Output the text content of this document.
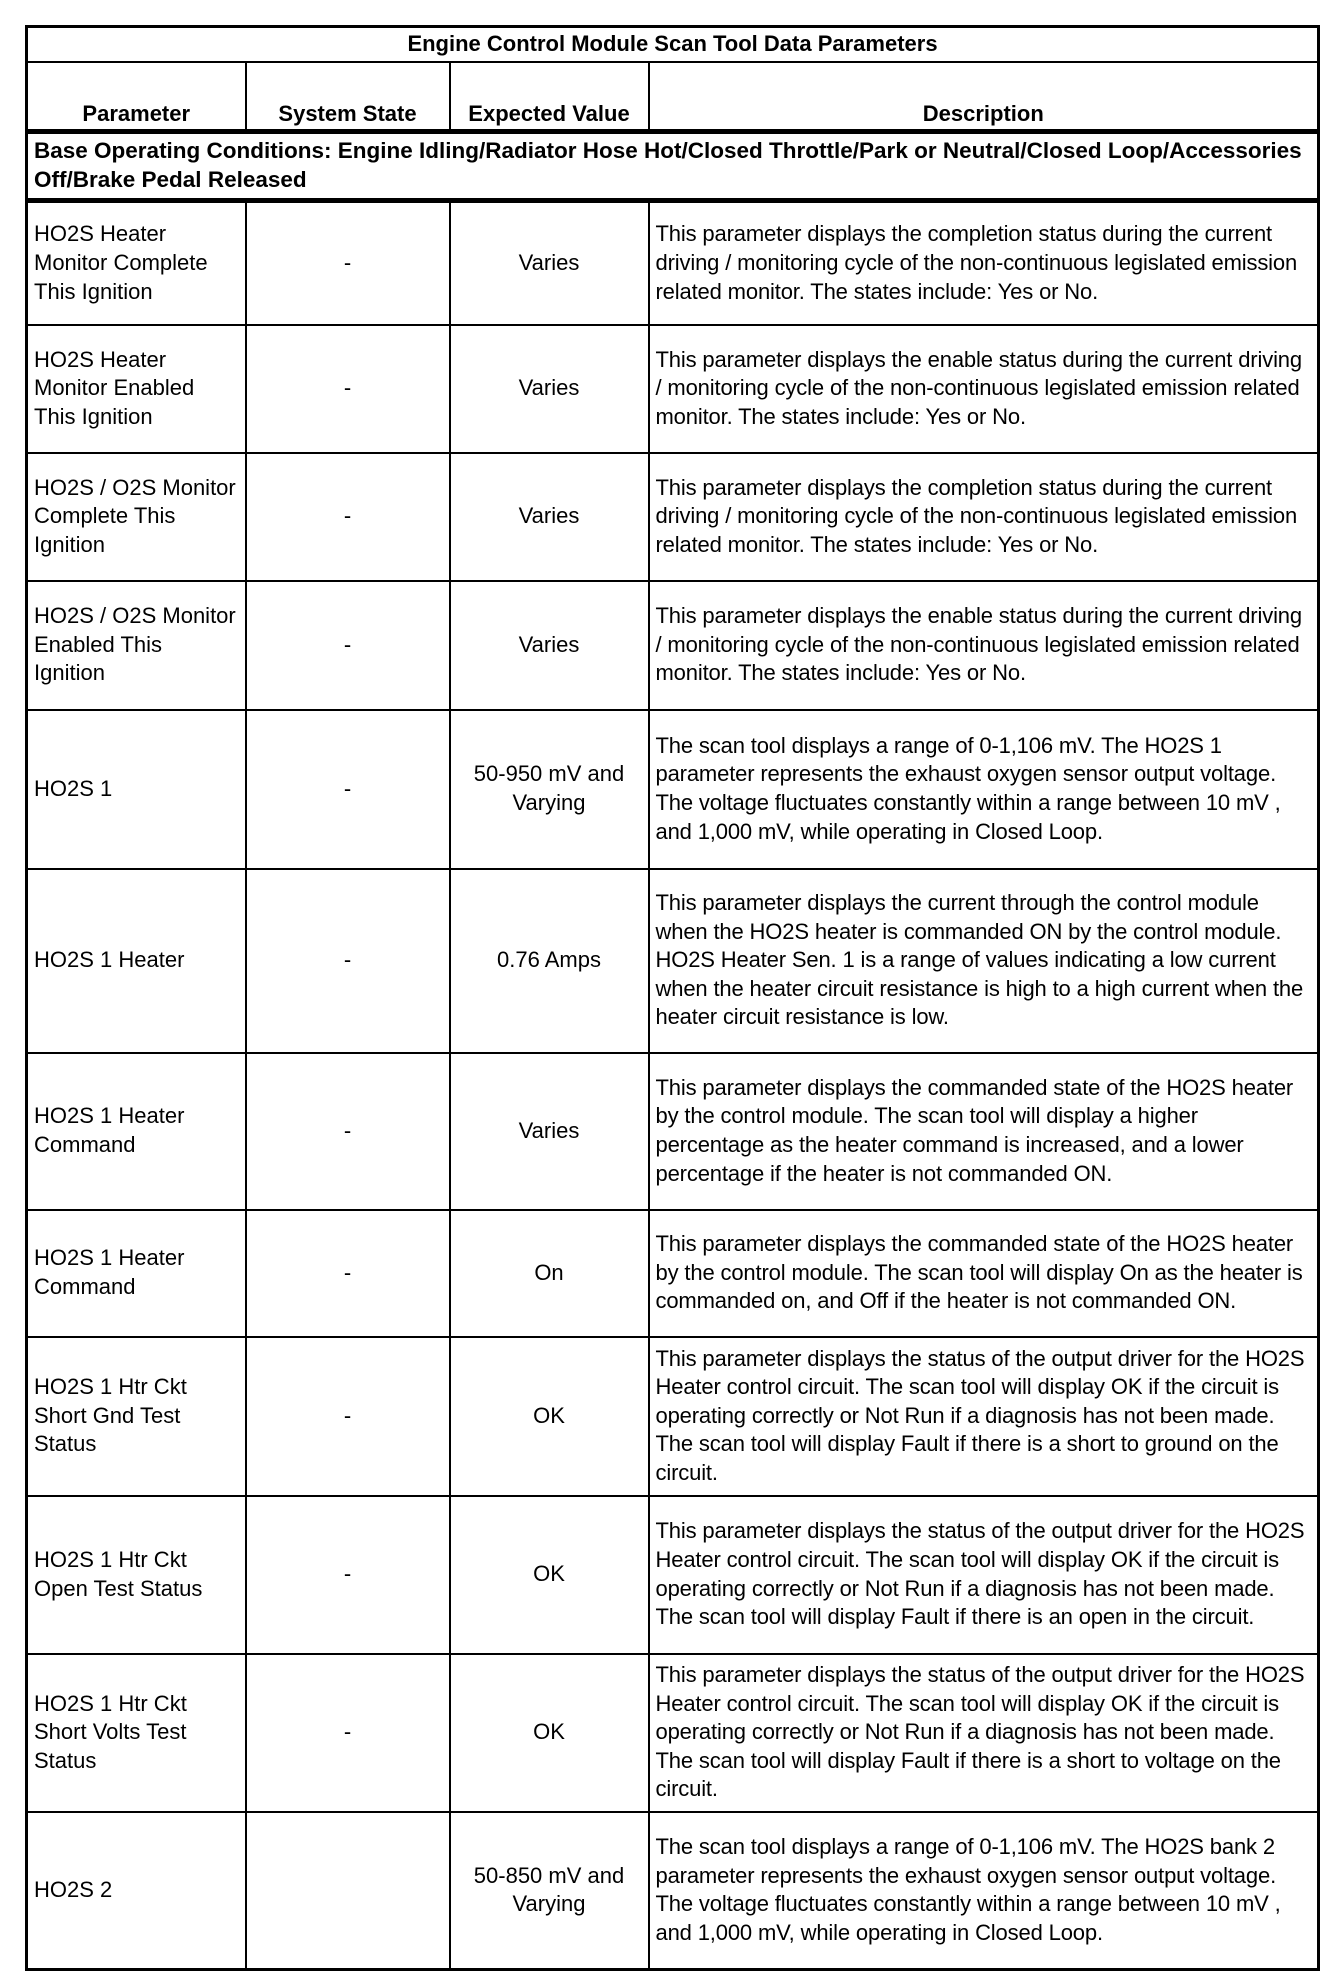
Engine Control Module Scan Tool Data Parameters			
Parameter	System State	Expected Value	Description
Base Operating Conditions: Engine Idling/Radiator Hose Hot/Closed Throttle/Park or Neutral/Closed Loop/Accessories Off/Brake Pedal Released			
HO2S Heater Monitor Complete This Ignition	-	Varies	This parameter displays the completion status during the current driving / monitoring cycle of the non-continuous legislated emission related monitor. The states include: Yes or No.
HO2S Heater Monitor Enabled This Ignition	-	Varies	This parameter displays the enable status during the current driving / monitoring cycle of the non-continuous legislated emission related monitor. The states include: Yes or No.
HO2S / O2S Monitor Complete This Ignition	-	Varies	This parameter displays the completion status during the current driving / monitoring cycle of the non-continuous legislated emission related monitor. The states include: Yes or No.
HO2S / O2S Monitor Enabled This Ignition	-	Varies	This parameter displays the enable status during the current driving / monitoring cycle of the non-continuous legislated emission related monitor. The states include: Yes or No.
HO2S 1	-	50-950 mV and Varying	The scan tool displays a range of 0-1,106 mV. The HO2S 1 parameter represents the exhaust oxygen sensor output voltage. The voltage fluctuates constantly within a range between 10 mV , and 1,000 mV, while operating in Closed Loop.
HO2S 1 Heater	-	0.76 Amps	This parameter displays the current through the control module when the HO2S heater is commanded ON by the control module. HO2S Heater Sen. 1 is a range of values indicating a low current when the heater circuit resistance is high to a high current when the heater circuit resistance is low.
HO2S 1 Heater Command	-	Varies	This parameter displays the commanded state of the HO2S heater by the control module. The scan tool will display a higher percentage as the heater command is increased, and a lower percentage if the heater is not commanded ON.
HO2S 1 Heater Command	-	On	This parameter displays the commanded state of the HO2S heater by the control module. The scan tool will display On as the heater is commanded on, and Off if the heater is not commanded ON.
HO2S 1 Htr Ckt Short Gnd Test Status	-	OK	This parameter displays the status of the output driver for the HO2S Heater control circuit. The scan tool will display OK if the circuit is operating correctly or Not Run if a diagnosis has not been made. The scan tool will display Fault if there is a short to ground on the circuit.
HO2S 1 Htr Ckt Open Test Status	-	OK	This parameter displays the status of the output driver for the HO2S Heater control circuit. The scan tool will display OK if the circuit is operating correctly or Not Run if a diagnosis has not been made. The scan tool will display Fault if there is an open in the circuit.
HO2S 1 Htr Ckt Short Volts Test Status	-	OK	This parameter displays the status of the output driver for the HO2S Heater control circuit. The scan tool will display OK if the circuit is operating correctly or Not Run if a diagnosis has not been made. The scan tool will display Fault if there is a short to voltage on the circuit.
HO2S 2		50-850 mV and Varying	The scan tool displays a range of 0-1,106 mV. The HO2S bank 2 parameter represents the exhaust oxygen sensor output voltage. The voltage fluctuates constantly within a range between 10 mV , and 1,000 mV, while operating in Closed Loop.
